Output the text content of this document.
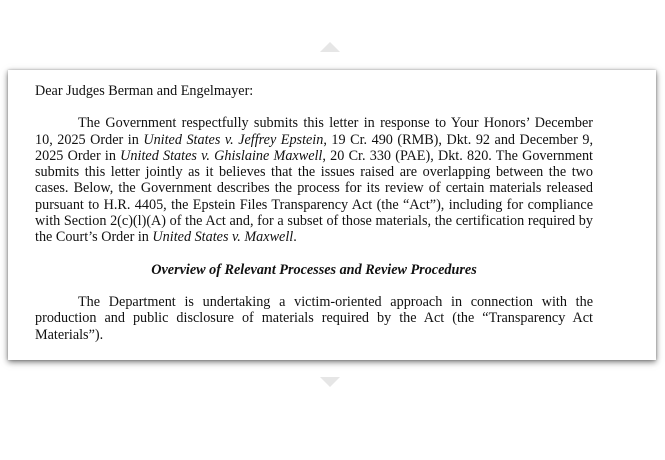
Dear Judges Berman and Engelmayer:

The Government respectfully submits this letter in response to Your Honors’ December 10, 2025 Order in United States v. Jeffrey Epstein, 19 Cr. 490 (RMB), Dkt. 92 and December 9, 2025 Order in United States v. Ghislaine Maxwell, 20 Cr. 330 (PAE), Dkt. 820. The Government submits this letter jointly as it believes that the issues raised are overlapping between the two cases. Below, the Government describes the process for its review of certain materials released pursuant to H.R. 4405, the Epstein Files Transparency Act (the “Act”), including for compliance with Section 2(c)(l)(A) of the Act and, for a subset of those materials, the certification required by the Court’s Order in United States v. Maxwell.

Overview of Relevant Processes and Review Procedures

The Department is undertaking a victim-oriented approach in connection with the production and public disclosure of materials required by the Act (the “Transparency Act Materials”).
